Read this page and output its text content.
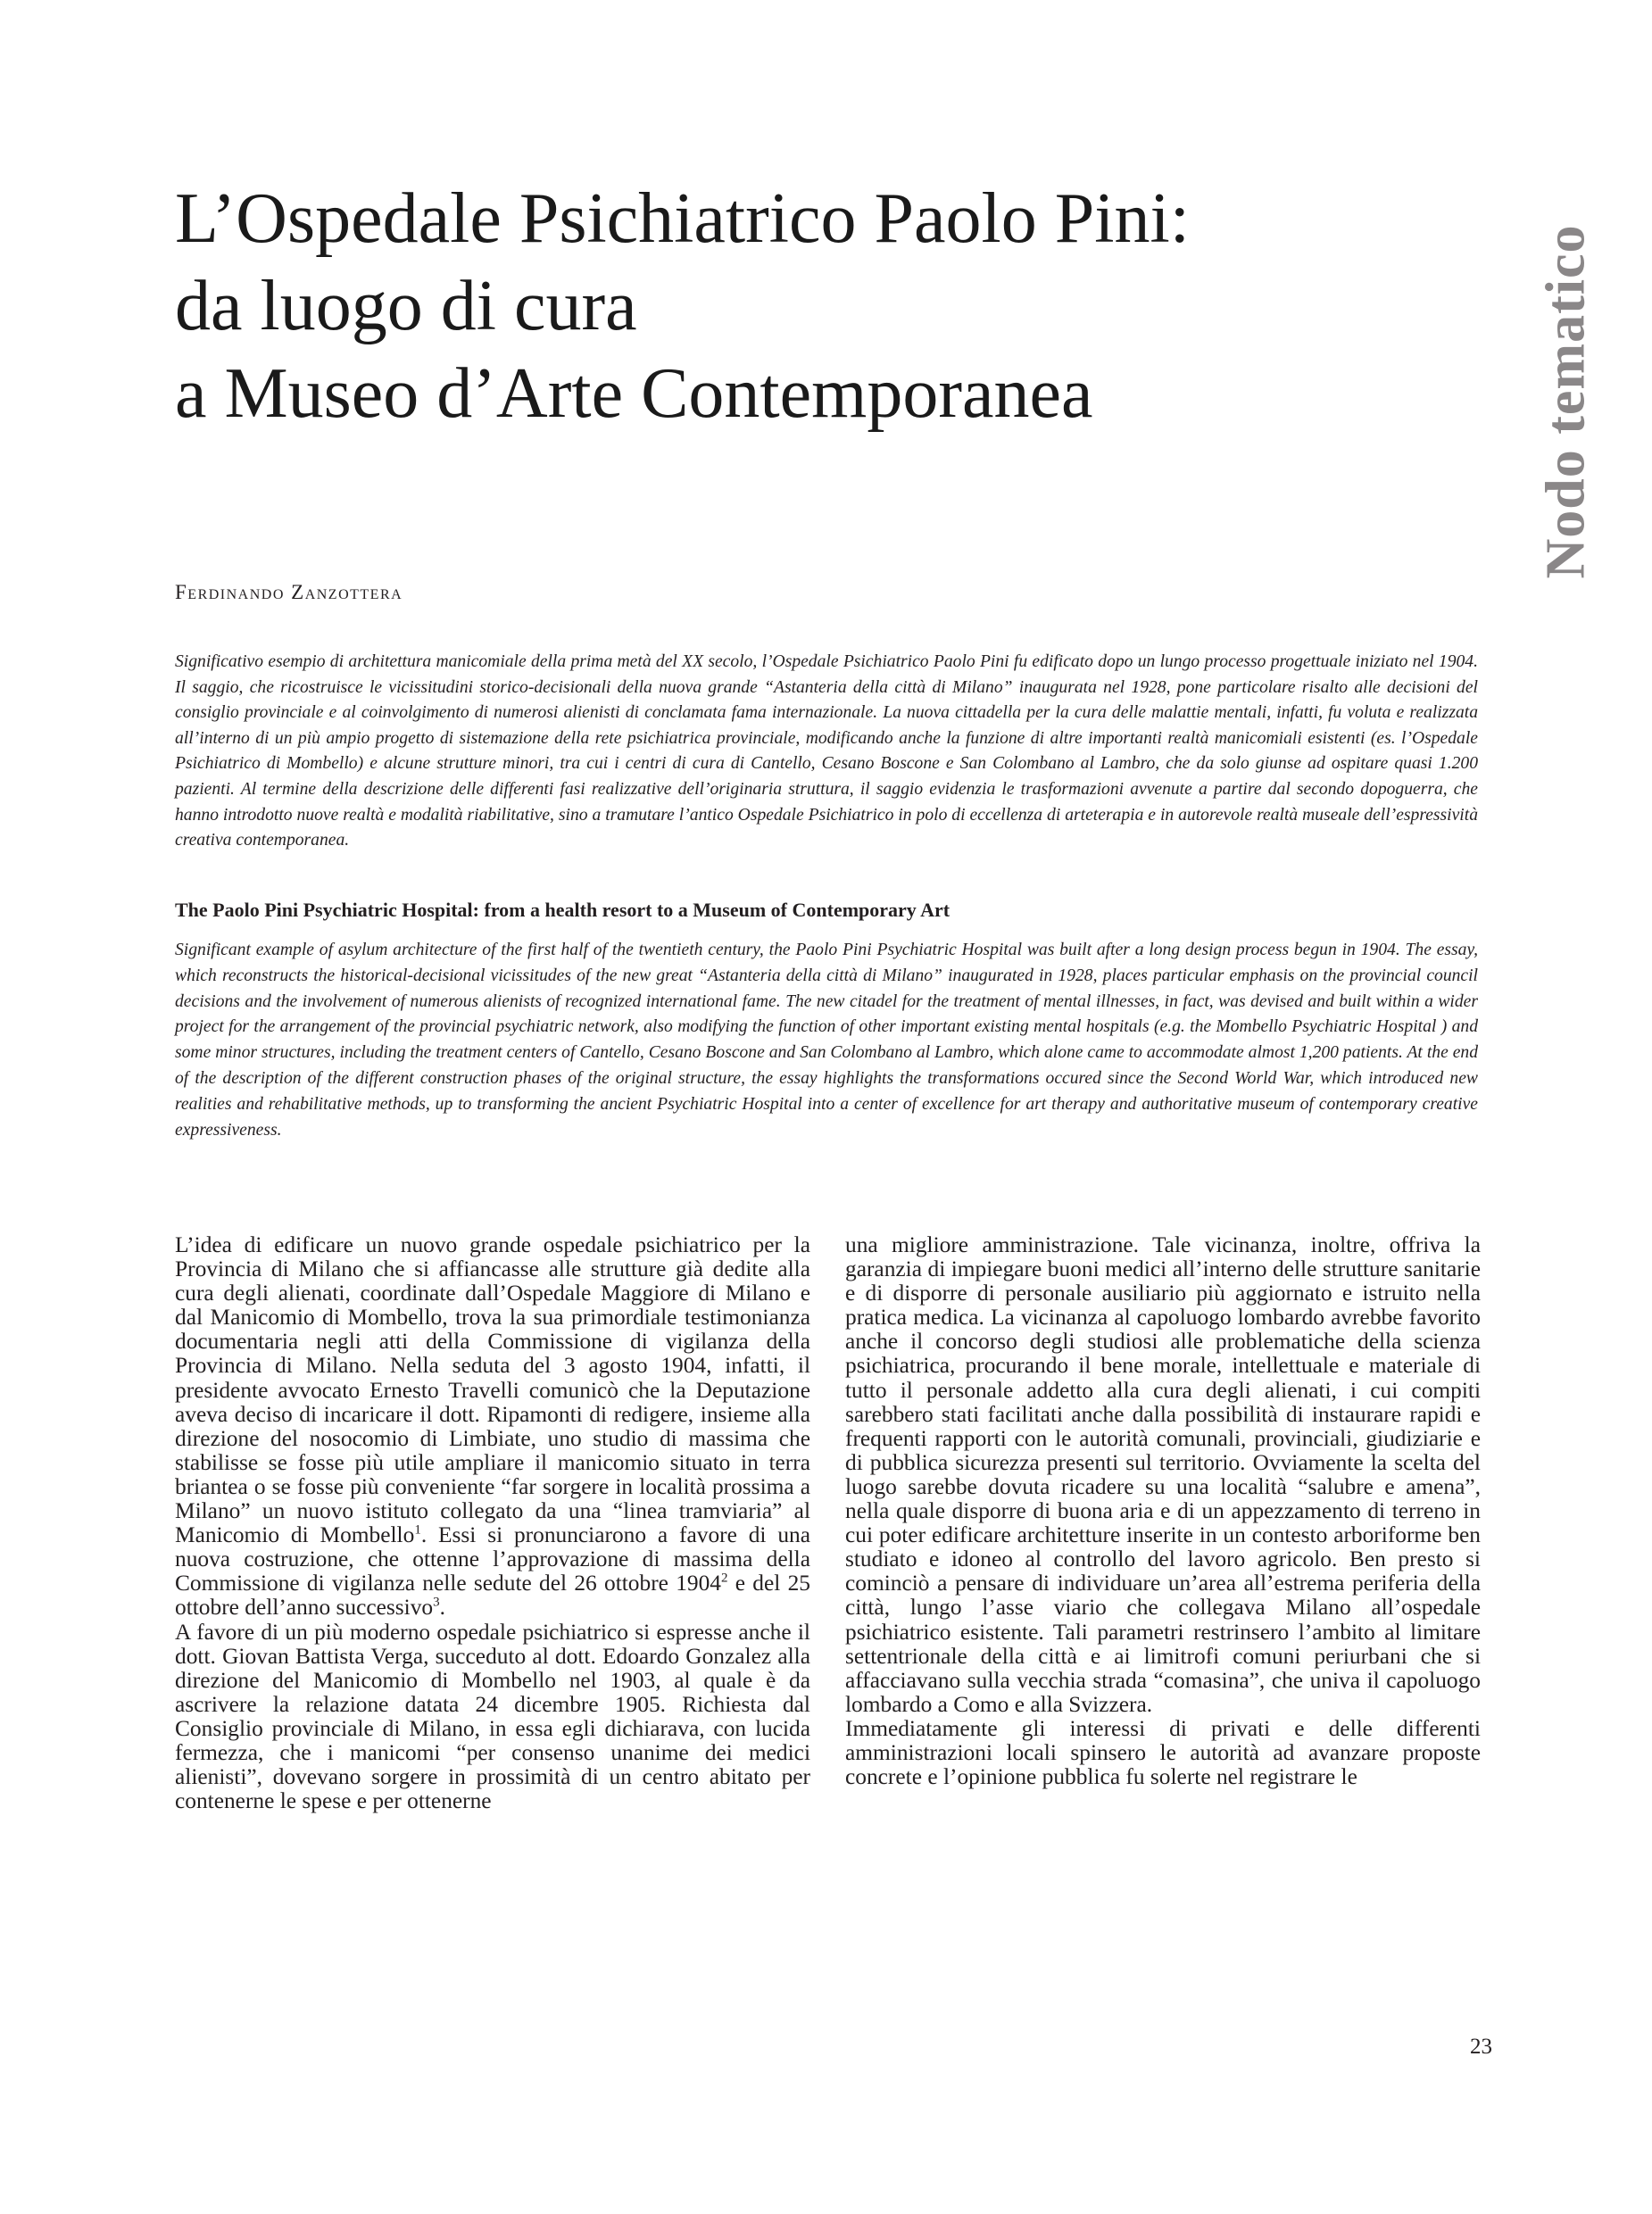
L’Ospedale Psichiatrico Paolo Pini:
da luogo di cura
a Museo d’Arte Contemporanea	Nodo tematico
Ferdinando Zanzottera
Significativo esempio di architettura manicomiale della prima metà del XX secolo, l’Ospedale Psichiatrico Paolo Pini fu edificato dopo un lungo processo progettuale iniziato nel 1904. Il saggio, che ricostruisce le vicissitudini storico-decisionali della nuova grande “Astanteria della città di Milano” inaugurata nel 1928, pone particolare risalto alle decisioni del consiglio provinciale e al coinvolgimento di numerosi alienisti di conclamata fama internazionale. La nuova cittadella per la cura delle malattie mentali, infatti, fu voluta e realizzata all’interno di un più ampio progetto di sistemazione della rete psichiatrica provinciale, modificando anche la funzione di altre importanti realtà manicomiali esistenti (es. l’Ospedale Psichiatrico di Mombello) e alcune strutture minori, tra cui i centri di cura di Cantello, Cesano Boscone e San Colombano al Lambro, che da solo giunse ad ospitare quasi 1.200 pazienti. Al termine della descrizione delle differenti fasi realizzative dell’originaria struttura, il saggio evidenzia le trasformazioni avvenute a partire dal secondo dopoguerra, che hanno introdotto nuove realtà e modalità riabilitative, sino a tramutare l’antico Ospedale Psichiatrico in polo di eccellenza di arteterapia e in autorevole realtà museale dell’espressività creativa contemporanea.
The Paolo Pini Psychiatric Hospital: from a health resort to a Museum of Contemporary Art
Significant example of asylum architecture of the first half of the twentieth century, the Paolo Pini Psychiatric Hospital was built after a long design process begun in 1904. The essay, which reconstructs the historical-decisional vicissitudes of the new great “Astanteria della città di Milano” inaugurated in 1928, places particular emphasis on the provincial council decisions and the involvement of numerous alienists of recognized international fame. The new citadel for the treatment of mental illnesses, in fact, was devised and built within a wider project for the arrangement of the provincial psychiatric network, also modifying the function of other important existing mental hospitals (e.g. the Mombello Psychiatric Hospital ) and some minor structures, including the treatment centers of Cantello, Cesano Boscone and San Colombano al Lambro, which alone came to accommodate almost 1,200 patients. At the end of the description of the different construction phases of the original structure, the essay highlights the transformations occured since the Second World War, which introduced new realities and rehabilitative methods, up to transforming the ancient Psychiatric Hospital into a center of excellence for art therapy and authoritative museum of contemporary creative expressiveness.

L’idea di edificare un nuovo grande ospedale psichiatrico per la Provincia di Milano che si affiancasse alle strutture già dedite alla cura degli alienati, coordinate dall’Ospedale Maggiore di Milano e dal Manicomio di Mombello, trova la sua primordiale testimonianza documentaria negli atti della Commissione di vigilanza della Provincia di Milano. Nella seduta del 3 agosto 1904, infatti, il presidente avvocato Ernesto Travelli comunicò che la Deputazione aveva deciso di incaricare il dott. Ripamonti di redigere, insieme alla direzione del nosocomio di Limbiate, uno studio di massima che stabilisse se fosse più utile ampliare il manicomio situato in terra briantea o se fosse più conveniente “far sorgere in località prossima a Milano” un nuovo istituto collegato da una “linea tramviaria” al Manicomio di Mombello$^1$. Essi si pronunciarono a favore di una nuova costruzione, che ottenne l’approvazione di massima della Commissione di vigilanza nelle sedute del 26 ottobre 1904$^2$ e del 25 ottobre dell’anno successivo$^3$.

A favore di un più moderno ospedale psichiatrico si espresse anche il dott. Giovan Battista Verga, succeduto al dott. Edoardo Gonzalez alla direzione del Manicomio di Mombello nel 1903, al quale è da ascrivere la relazione datata 24 dicembre 1905. Richiesta dal Consiglio provinciale di Milano, in essa egli dichiarava, con lucida fermezza, che i manicomi “per consenso unanime dei medici alienisti”, dovevano sorgere in prossimità di un centro abitato per contenerne le spese e per ottenerne

una migliore amministrazione. Tale vicinanza, inoltre, offriva la garanzia di impiegare buoni medici all’interno delle strutture sanitarie e di disporre di personale ausiliario più aggiornato e istruito nella pratica medica. La vicinanza al capoluogo lombardo avrebbe favorito anche il concorso degli studiosi alle problematiche della scienza psichiatrica, procurando il bene morale, intellettuale e materiale di tutto il personale addetto alla cura degli alienati, i cui compiti sarebbero stati facilitati anche dalla possibilità di instaurare rapidi e frequenti rapporti con le autorità comunali, provinciali, giudiziarie e di pubblica sicurezza presenti sul territorio. Ovviamente la scelta del luogo sarebbe dovuta ricadere su una località “salubre e amena”, nella quale disporre di buona aria e di un appezzamento di terreno in cui poter edificare architetture inserite in un contesto arboriforme ben studiato e idoneo al controllo del lavoro agricolo. Ben presto si cominciò a pensare di individuare un’area all’estrema periferia della città, lungo l’asse viario che collegava Milano all’ospedale psichiatrico esistente. Tali parametri restrinsero l’ambito al limitare settentrionale della città e ai limitrofi comuni periurbani che si affacciavano sulla vecchia strada “comasina”, che univa il capoluogo lombardo a Como e alla Svizzera.

Immediatamente gli interessi di privati e delle differenti amministrazioni locali spinsero le autorità ad avanzare proposte concrete e l’opinione pubblica fu solerte nel registrare le

23
